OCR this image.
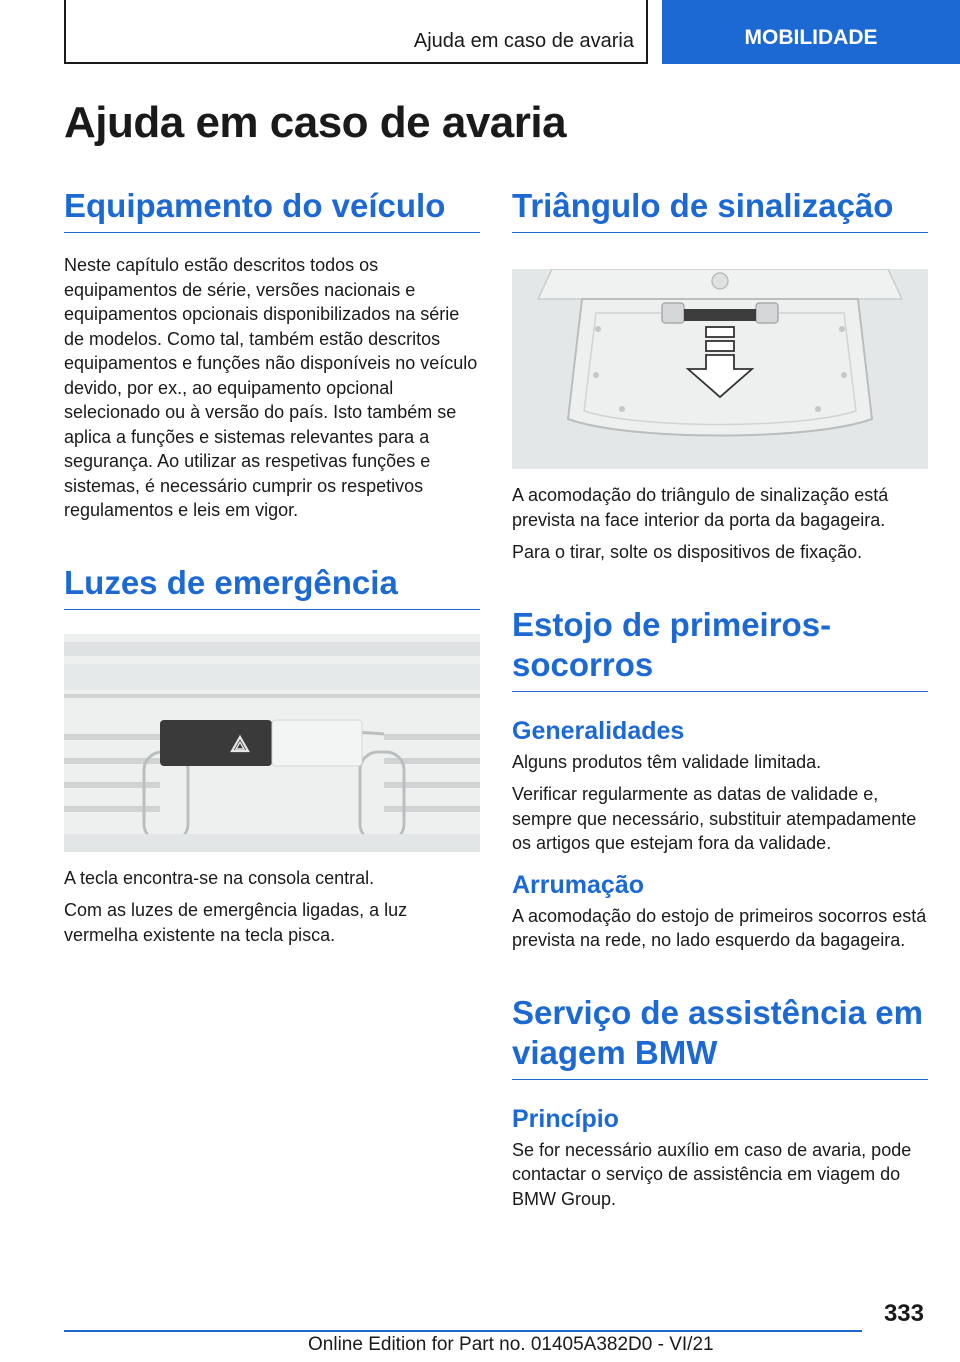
Ajuda em caso de avaria	MOBILIDADE
Ajuda em caso de avaria
Equipamento do veículo

Neste capítulo estão descritos todos os equipamentos de série, versões nacionais e equipamentos opcionais disponibilizados na série de modelos. Como tal, também estão descritos equipamentos e funções não disponíveis no veículo devido, por ex., ao equipamento opcional selecionado ou à versão do país. Isto também se aplica a funções e sistemas relevantes para a segurança. Ao utilizar as respetivas funções e sistemas, é necessário cumprir os respetivos regulamentos e leis em vigor.

Luzes de emergência

A tecla encontra-se na consola central.

Com as luzes de emergência ligadas, a luz vermelha existente na tecla pisca.

Triângulo de sinalização

A acomodação do triângulo de sinalização está prevista na face interior da porta da bagageira.

Para o tirar, solte os dispositivos de fixação.

Estojo de primeiros-socorros
Generalidades

Alguns produtos têm validade limitada.

Verificar regularmente as datas de validade e, sempre que necessário, substituir atempadamente os artigos que estejam fora da validade.

Arrumação

A acomodação do estojo de primeiros socorros está prevista na rede, no lado esquerdo da bagageira.

Serviço de assistência em viagem BMW
Princípio

Se for necessário auxílio em caso de avaria, pode contactar o serviço de assistência em viagem do BMW Group.

333
Online Edition for Part no. 01405A382D0 - VI/21
